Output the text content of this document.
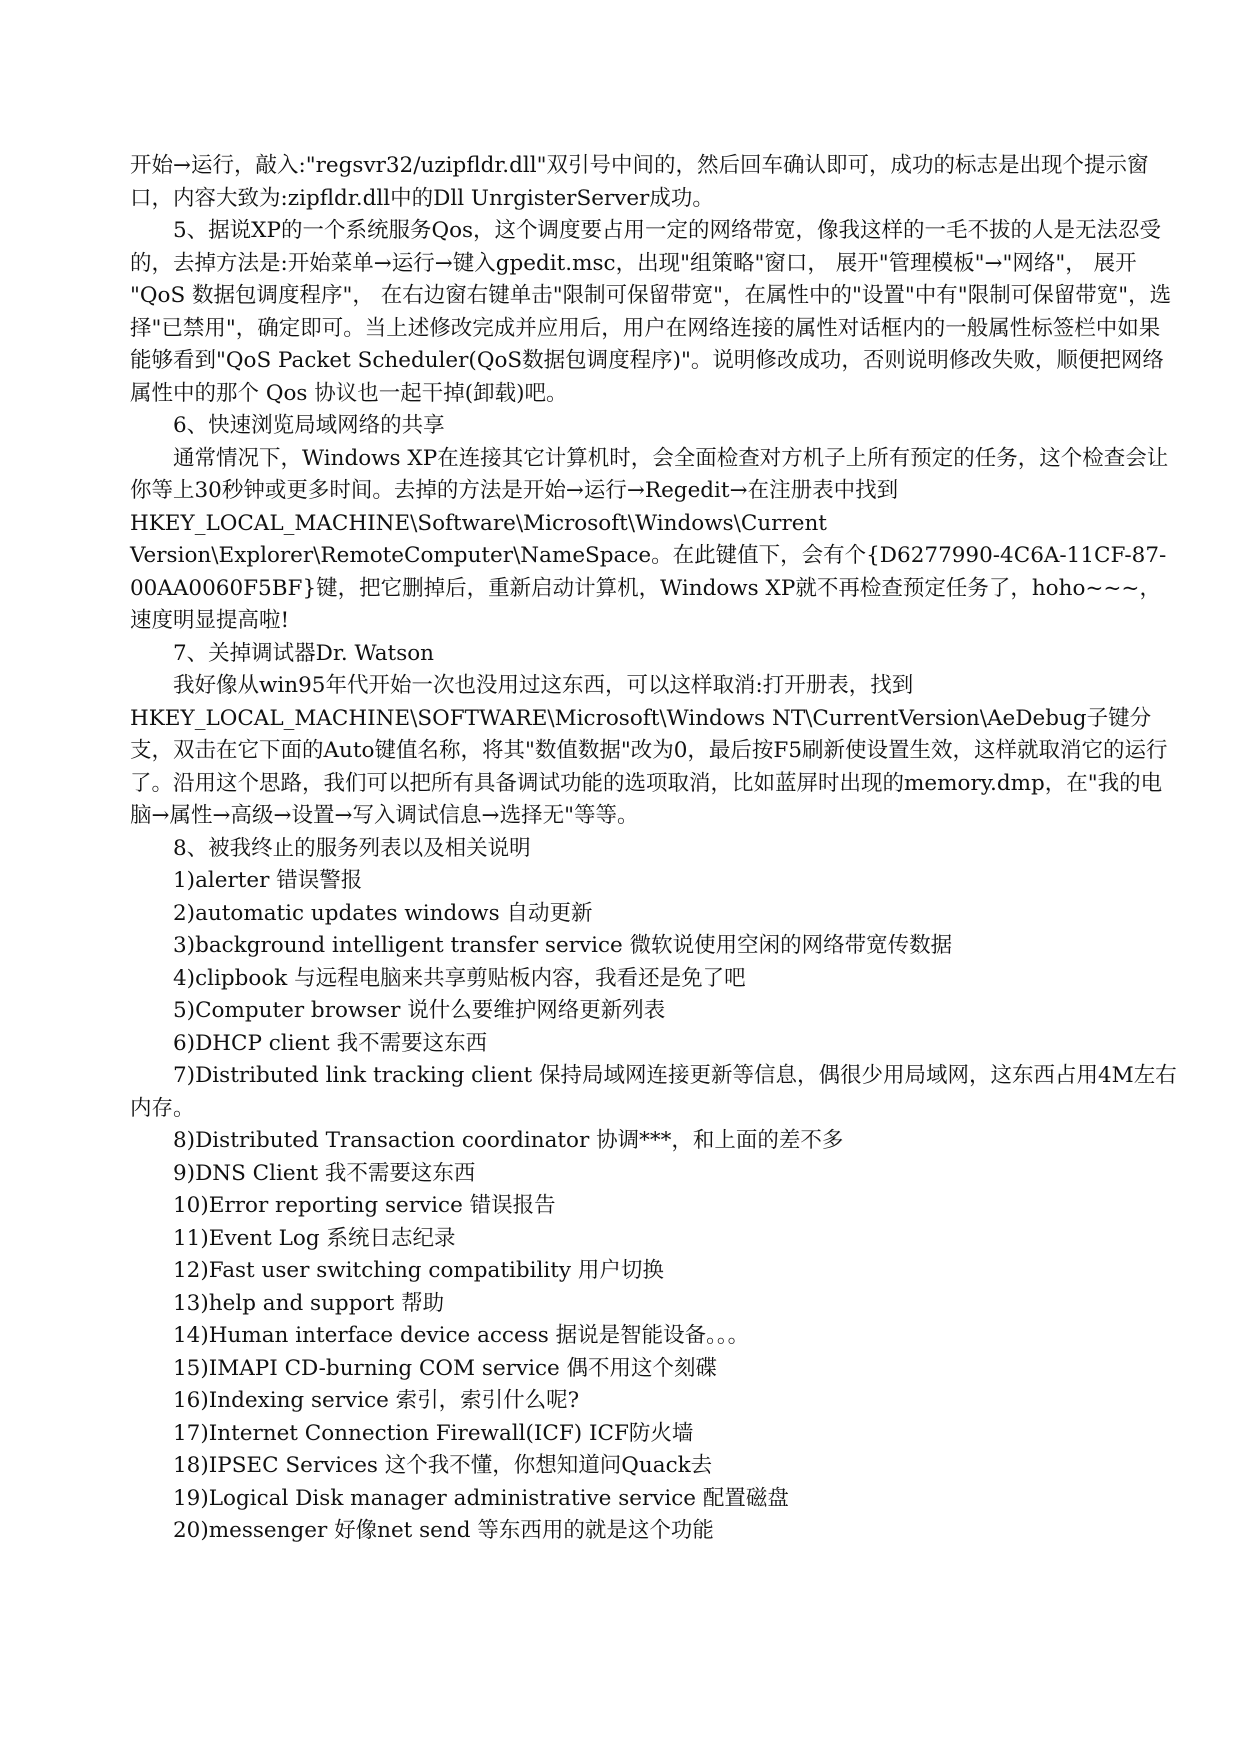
开始→运行，敲入:"regsvr32/uzipfldr.dll"双引号中间的，然后回车确认即可，成功的标志是出现个提示窗口，内容大致为:zipfldr.dll中的Dll UnrgisterServer成功。

5、据说XP的一个系统服务Qos，这个调度要占用一定的网络带宽，像我这样的一毛不拔的人是无法忍受的，去掉方法是:开始菜单→运行→键入gpedit.msc，出现"组策略"窗口， 展开"管理模板"→"网络"， 展开 "QoS 数据包调度程序"， 在右边窗右键单击"限制可保留带宽"，在属性中的"设置"中有"限制可保留带宽"，选择"已禁用"，确定即可。当上述修改完成并应用后，用户在网络连接的属性对话框内的一般属性标签栏中如果能够看到"QoS Packet Scheduler(QoS数据包调度程序)"。说明修改成功，否则说明修改失败，顺便把网络属性中的那个 Qos 协议也一起干掉(卸载)吧。

6、快速浏览局域网络的共享

通常情况下，Windows XP在连接其它计算机时，会全面检查对方机子上所有预定的任务，这个检查会让你等上30秒钟或更多时间。去掉的方法是开始→运行→Regedit→在注册表中找到HKEY_LOCAL_MACHINE\Software\Microsoft\Windows\Current Version\Explorer\RemoteComputer\NameSpace。在此键值下，会有个{D6277990-4C6A-11CF-87-00AA0060F5BF}键，把它删掉后，重新启动计算机，Windows XP就不再检查预定任务了，hoho~~~，速度明显提高啦!

7、关掉调试器Dr. Watson

我好像从win95年代开始一次也没用过这东西，可以这样取消:打开册表，找到HKEY_LOCAL_MACHINE\SOFTWARE\Microsoft\Windows NT\CurrentVersion\AeDebug子键分支，双击在它下面的Auto键值名称，将其"数值数据"改为0，最后按F5刷新使设置生效，这样就取消它的运行了。沿用这个思路，我们可以把所有具备调试功能的选项取消，比如蓝屏时出现的memory.dmp，在"我的电脑→属性→高级→设置→写入调试信息→选择无"等等。

8、被我终止的服务列表以及相关说明

1)alerter 错误警报

2)automatic updates windows 自动更新

3)background intelligent transfer service 微软说使用空闲的网络带宽传数据

4)clipbook 与远程电脑来共享剪贴板内容，我看还是免了吧

5)Computer browser 说什么要维护网络更新列表

6)DHCP client 我不需要这东西

7)Distributed link tracking client 保持局域网连接更新等信息，偶很少用局域网，这东西占用4M左右内存。

8)Distributed Transaction coordinator 协调***，和上面的差不多

9)DNS Client 我不需要这东西

10)Error reporting service 错误报告

11)Event Log 系统日志纪录

12)Fast user switching compatibility 用户切换

13)help and support 帮助

14)Human interface device access 据说是智能设备。。。

15)IMAPI CD-burning COM service 偶不用这个刻碟

16)Indexing service 索引，索引什么呢?

17)Internet Connection Firewall(ICF) ICF防火墙

18)IPSEC Services 这个我不懂，你想知道问Quack去

19)Logical Disk manager administrative service 配置磁盘

20)messenger 好像net send 等东西用的就是这个功能
